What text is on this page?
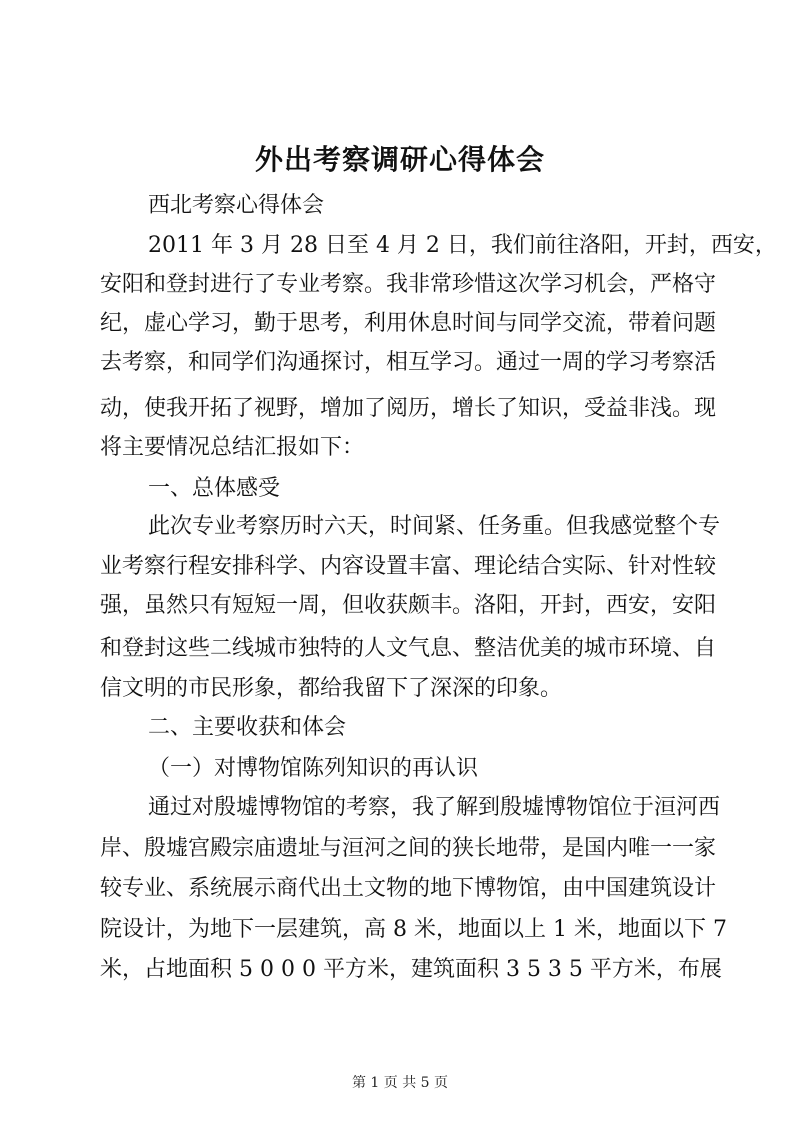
外出考察调研心得体会
西北考察心得体会
2011 年 3 月 28 日至 4 月 2 日，我们前往洛阳，开封，西安，
安阳和登封进行了专业考察。我非常珍惜这次学习机会，严格守
纪，虚心学习，勤于思考，利用休息时间与同学交流，带着问题
去考察，和同学们沟通探讨，相互学习。通过一周的学习考察活
动，使我开拓了视野，增加了阅历，增长了知识，受益非浅。现
将主要情况总结汇报如下：
一、总体感受
此次专业考察历时六天，时间紧、任务重。但我感觉整个专
业考察行程安排科学、内容设置丰富、理论结合实际、针对性较
强，虽然只有短短一周，但收获颇丰。洛阳，开封，西安，安阳
和登封这些二线城市独特的人文气息、整洁优美的城市环境、自
信文明的市民形象，都给我留下了深深的印象。
二、主要收获和体会
（一）对博物馆陈列知识的再认识
通过对殷墟博物馆的考察，我了解到殷墟博物馆位于洹河西
岸、殷墟宫殿宗庙遗址与洹河之间的狭长地带，是国内唯一一家
较专业、系统展示商代出土文物的地下博物馆，由中国建筑设计
院设计，为地下一层建筑，高 8 米，地面以上 1 米，地面以下 7
米，占地面积 5 0 0 0 平方米，建筑面积 3 5 3 5 平方米，布展
第 1 页 共 5 页
